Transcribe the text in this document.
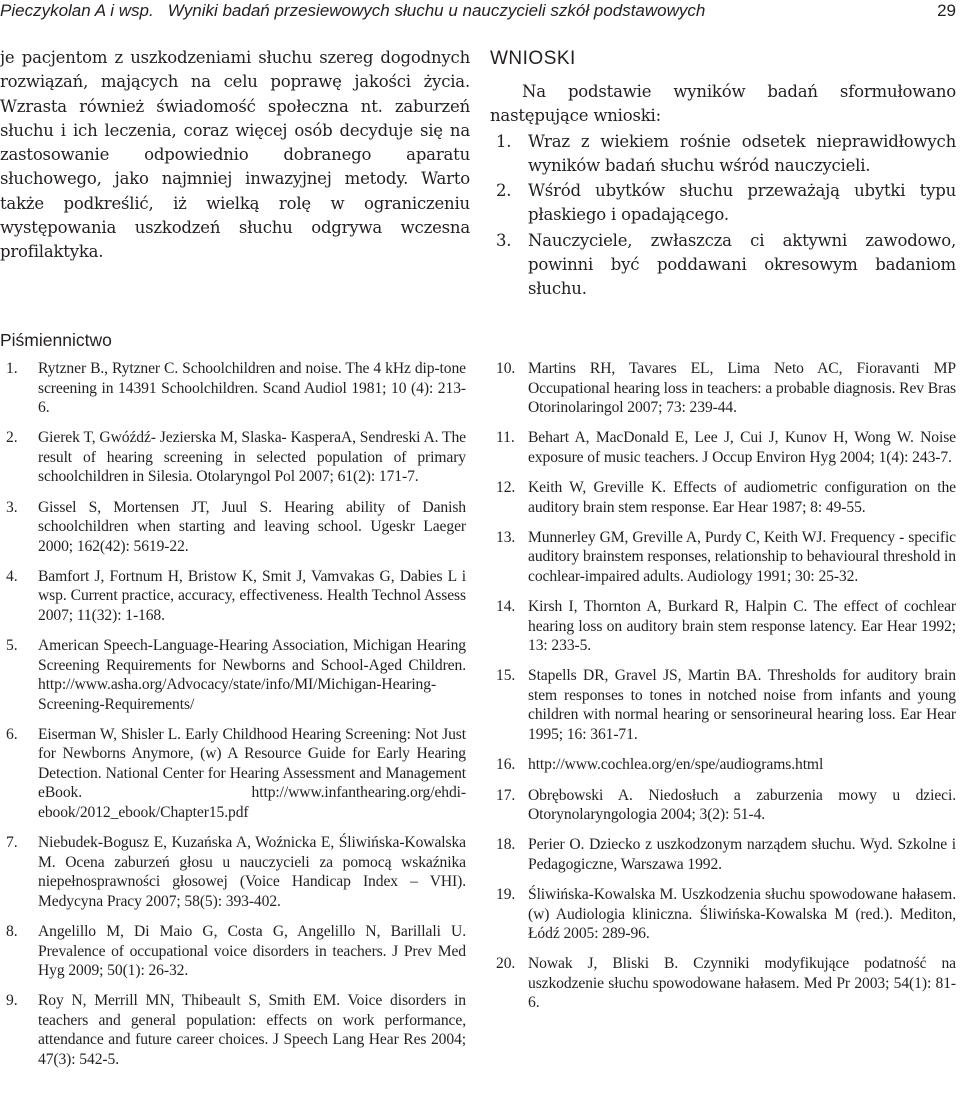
Pieczykolan A i wsp. Wyniki badań przesiewowych słuchu u nauczycieli szkół podstawowych	29
je pacjentom z uszkodzeniami słuchu szereg dogodnych rozwiązań, mających na celu poprawę jakości życia. Wzrasta również świadomość społeczna nt. zaburzeń słuchu i ich leczenia, coraz więcej osób decyduje się na zastosowanie odpowiednio dobranego aparatu słuchowego, jako najmniej inwazyjnej metody. Warto także podkreślić, iż wielką rolę w ograniczeniu występowania uszkodzeń słuchu odgrywa wczesna profilaktyka.
WNIOSKI
Na podstawie wyników badań sformułowano następujące wnioski:
1. Wraz z wiekiem rośnie odsetek nieprawidłowych wyników badań słuchu wśród nauczycieli.
2. Wśród ubytków słuchu przeważają ubytki typu płaskiego i opadającego.
3. Nauczyciele, zwłaszcza ci aktywni zawodowo, powinni być poddawani okresowym badaniom słuchu.
Piśmiennictwo
1. Rytzner B., Rytzner C. Schoolchildren and noise. The 4 kHz dip-tone screening in 14391 Schoolchildren. Scand Audiol 1981; 10 (4): 213-6.
2. Gierek T, Gwóźdź- Jezierska M, Slaska- KasperaA, Sendreski A. The result of hearing screening in selected population of primary schoolchildren in Silesia. Otolaryngol Pol 2007; 61(2): 171-7.
3. Gissel S, Mortensen JT, Juul S. Hearing ability of Danish schoolchildren when starting and leaving school. Ugeskr Laeger 2000; 162(42): 5619-22.
4. Bamfort J, Fortnum H, Bristow K, Smit J, Vamvakas G, Dabies L i wsp. Current practice, accuracy, effectiveness. Health Technol Assess 2007; 11(32): 1-168.
5. American Speech-Language-Hearing Association, Michigan Hearing Screening Requirements for Newborns and School-Aged Children. http://www.asha.org/Advocacy/state/info/MI/Michigan-Hearing-Screening-Requirements/
6. Eiserman W, Shisler L. Early Childhood Hearing Screening: Not Just for Newborns Anymore, (w) A Resource Guide for Early Hearing Detection. National Center for Hearing Assessment and Management eBook. http://www.infanthearing.org/ehdi-ebook/2012_ebook/Chapter15.pdf
7. Niebudek-Bogusz E, Kuzańska A, Woźnicka E, Śliwińska-Kowalska M. Ocena zaburzeń głosu u nauczycieli za pomocą wskaźnika niepełnosprawności głosowej (Voice Handicap Index – VHI). Medycyna Pracy 2007; 58(5): 393-402.
8. Angelillo M, Di Maio G, Costa G, Angelillo N, Barillali U. Prevalence of occupational voice disorders in teachers. J Prev Med Hyg 2009; 50(1): 26-32.
9. Roy N, Merrill MN, Thibeault S, Smith EM. Voice disorders in teachers and general population: effects on work performance, attendance and future career choices. J Speech Lang Hear Res 2004; 47(3): 542-5.
10. Martins RH, Tavares EL, Lima Neto AC, Fioravanti MP Occupational hearing loss in teachers: a probable diagnosis. Rev Bras Otorinolaringol 2007; 73: 239-44.
11. Behart A, MacDonald E, Lee J, Cui J, Kunov H, Wong W. Noise exposure of music teachers. J Occup Environ Hyg 2004; 1(4): 243-7.
12. Keith W, Greville K. Effects of audiometric configuration on the auditory brain stem response. Ear Hear 1987; 8: 49-55.
13. Munnerley GM, Greville A, Purdy C, Keith WJ. Frequency - specific auditory brainstem responses, relationship to behavioural threshold in cochlear-impaired adults. Audiology 1991; 30: 25-32.
14. Kirsh I, Thornton A, Burkard R, Halpin C. The effect of cochlear hearing loss on auditory brain stem response latency. Ear Hear 1992; 13: 233-5.
15. Stapells DR, Gravel JS, Martin BA. Thresholds for auditory brain stem responses to tones in notched noise from infants and young children with normal hearing or sensorineural hearing loss. Ear Hear 1995; 16: 361-71.
16. http://www.cochlea.org/en/spe/audiograms.html
17. Obrębowski A. Niedosłuch a zaburzenia mowy u dzieci. Otorynolaryngologia 2004; 3(2): 51-4.
18. Perier O. Dziecko z uszkodzonym narządem słuchu. Wyd. Szkolne i Pedagogiczne, Warszawa 1992.
19. Śliwińska-Kowalska M. Uszkodzenia słuchu spowodowane hałasem. (w) Audiologia kliniczna. Śliwińska-Kowalska M (red.). Mediton, Łódź 2005: 289-96.
20. Nowak J, Bliski B. Czynniki modyfikujące podatność na uszkodzenie słuchu spowodowane hałasem. Med Pr 2003; 54(1): 81-6.
